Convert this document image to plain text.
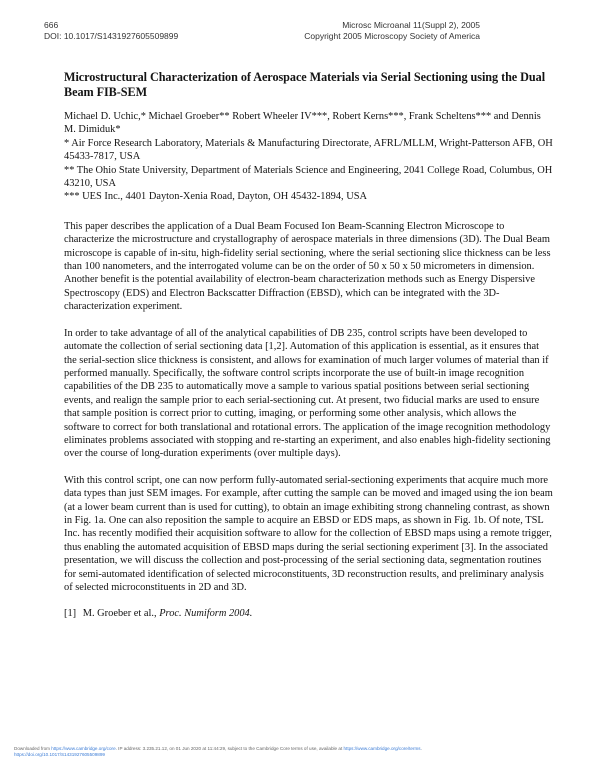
666
DOI: 10.1017/S1431927605509899
Microsc Microanal 11(Suppl 2), 2005
Copyright 2005 Microscopy Society of America
Microstructural Characterization of Aerospace Materials via Serial Sectioning using the Dual Beam FIB-SEM

Michael D. Uchic,* Michael Groeber** Robert Wheeler IV***, Robert Kerns***, Frank Scheltens*** and Dennis M. Dimiduk*

* Air Force Research Laboratory, Materials & Manufacturing Directorate, AFRL/MLLM, Wright-Patterson AFB, OH 45433-7817, USA

** The Ohio State University, Department of Materials Science and Engineering, 2041 College Road, Columbus, OH 43210, USA

*** UES Inc., 4401 Dayton-Xenia Road, Dayton, OH 45432-1894, USA

This paper describes the application of a Dual Beam Focused Ion Beam-Scanning Electron Microscope to characterize the microstructure and crystallography of aerospace materials in three dimensions (3D). The Dual Beam microscope is capable of in-situ, high-fidelity serial sectioning, where the serial sectioning slice thickness can be less than 100 nanometers, and the interrogated volume can be on the order of 50 x 50 x 50 micrometers in dimension. Another benefit is the potential availability of electron-beam characterization methods such as Energy Dispersive Spectroscopy (EDS) and Electron Backscatter Diffraction (EBSD), which can be integrated with the 3D-characterization experiment.

In order to take advantage of all of the analytical capabilities of DB 235, control scripts have been developed to automate the collection of serial sectioning data [1,2]. Automation of this application is essential, as it ensures that the serial-section slice thickness is consistent, and allows for examination of much larger volumes of material than if performed manually. Specifically, the software control scripts incorporate the use of built-in image recognition capabilities of the DB 235 to automatically move a sample to various spatial positions between serial sectioning events, and realign the sample prior to each serial-sectioning cut. At present, two fiducial marks are used to ensure that sample position is correct prior to cutting, imaging, or performing some other analysis, which allows the software to correct for both translational and rotational errors. The application of the image recognition methodology eliminates problems associated with stopping and re-starting an experiment, and also enables high-fidelity sectioning over the course of long-duration experiments (over multiple days).

With this control script, one can now perform fully-automated serial-sectioning experiments that acquire much more data types than just SEM images. For example, after cutting the sample can be moved and imaged using the ion beam (at a lower beam current than is used for cutting), to obtain an image exhibiting strong channeling contrast, as shown in Fig. 1a. One can also reposition the sample to acquire an EBSD or EDS maps, as shown in Fig. 1b. Of note, TSL Inc. has recently modified their acquisition software to allow for the collection of EBSD maps using a remote trigger, thus enabling the automated acquisition of EBSD maps during the serial sectioning experiment [3]. In the associated presentation, we will discuss the collection and post-processing of the serial sectioning data, segmentation routines for semi-automated identification of selected microconstituents, 3D reconstruction results, and preliminary analysis of selected microconstituents in 2D and 3D.

[1] M. Groeber et al., Proc. Numiform 2004.
Downloaded from https://www.cambridge.org/core. IP address: 3.235.21.12, on 01 Jun 2020 at 11:44:29, subject to the Cambridge Core terms of use, available at https://www.cambridge.org/core/terms.
https://doi.org/10.1017/S1431927605509899
